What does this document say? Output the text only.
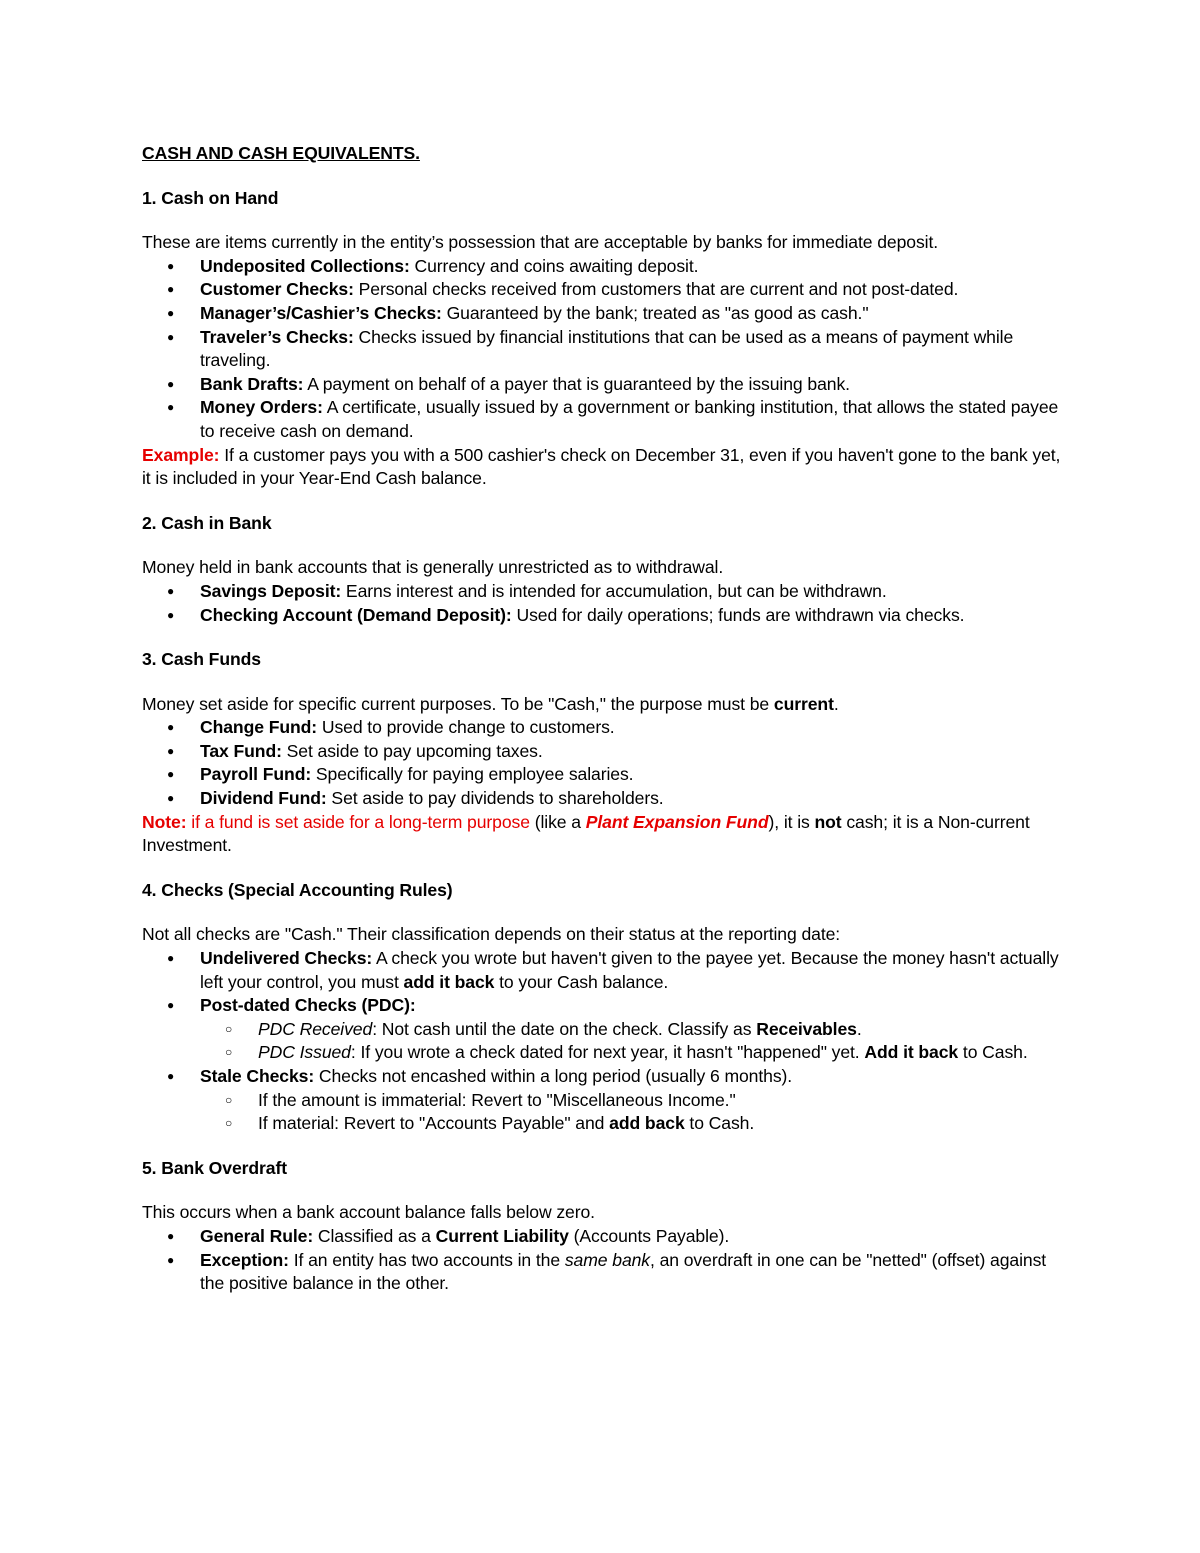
CASH AND CASH EQUIVALENTS.
1. Cash on Hand

These are items currently in the entity’s possession that are acceptable by banks for immediate deposit.

● Undeposited Collections: Currency and coins awaiting deposit.
● Customer Checks: Personal checks received from customers that are current and not post-dated.
● Manager’s/Cashier’s Checks: Guaranteed by the bank; treated as "as good as cash."
● Traveler’s Checks: Checks issued by financial institutions that can be used as a means of payment while traveling.
● Bank Drafts: A payment on behalf of a payer that is guaranteed by the issuing bank.
● Money Orders: A certificate, usually issued by a government or banking institution, that allows the stated payee to receive cash on demand.

Example: If a customer pays you with a 500 cashier's check on December 31, even if you haven't gone to the bank yet, it is included in your Year-End Cash balance.

2. Cash in Bank

Money held in bank accounts that is generally unrestricted as to withdrawal.

● Savings Deposit: Earns interest and is intended for accumulation, but can be withdrawn.
● Checking Account (Demand Deposit): Used for daily operations; funds are withdrawn via checks.
3. Cash Funds

Money set aside for specific current purposes. To be "Cash," the purpose must be current.

● Change Fund: Used to provide change to customers.
● Tax Fund: Set aside to pay upcoming taxes.
● Payroll Fund: Specifically for paying employee salaries.
● Dividend Fund: Set aside to pay dividends to shareholders.

Note: if a fund is set aside for a long-term purpose (like a Plant Expansion Fund), it is not cash; it is a Non-current Investment.

4. Checks (Special Accounting Rules)

Not all checks are "Cash." Their classification depends on their status at the reporting date:

● Undelivered Checks: A check you wrote but haven't given to the payee yet. Because the money hasn't actually left your control, you must add it back to your Cash balance.
● Post-dated Checks (PDC):
○ PDC Received: Not cash until the date on the check. Classify as Receivables.
○ PDC Issued: If you wrote a check dated for next year, it hasn't "happened" yet. Add it back to Cash.
● Stale Checks: Checks not encashed within a long period (usually 6 months).
○ If the amount is immaterial: Revert to "Miscellaneous Income."
○ If material: Revert to "Accounts Payable" and add back to Cash.
5. Bank Overdraft

This occurs when a bank account balance falls below zero.

● General Rule: Classified as a Current Liability (Accounts Payable).
● Exception: If an entity has two accounts in the same bank, an overdraft in one can be "netted" (offset) against the positive balance in the other.
